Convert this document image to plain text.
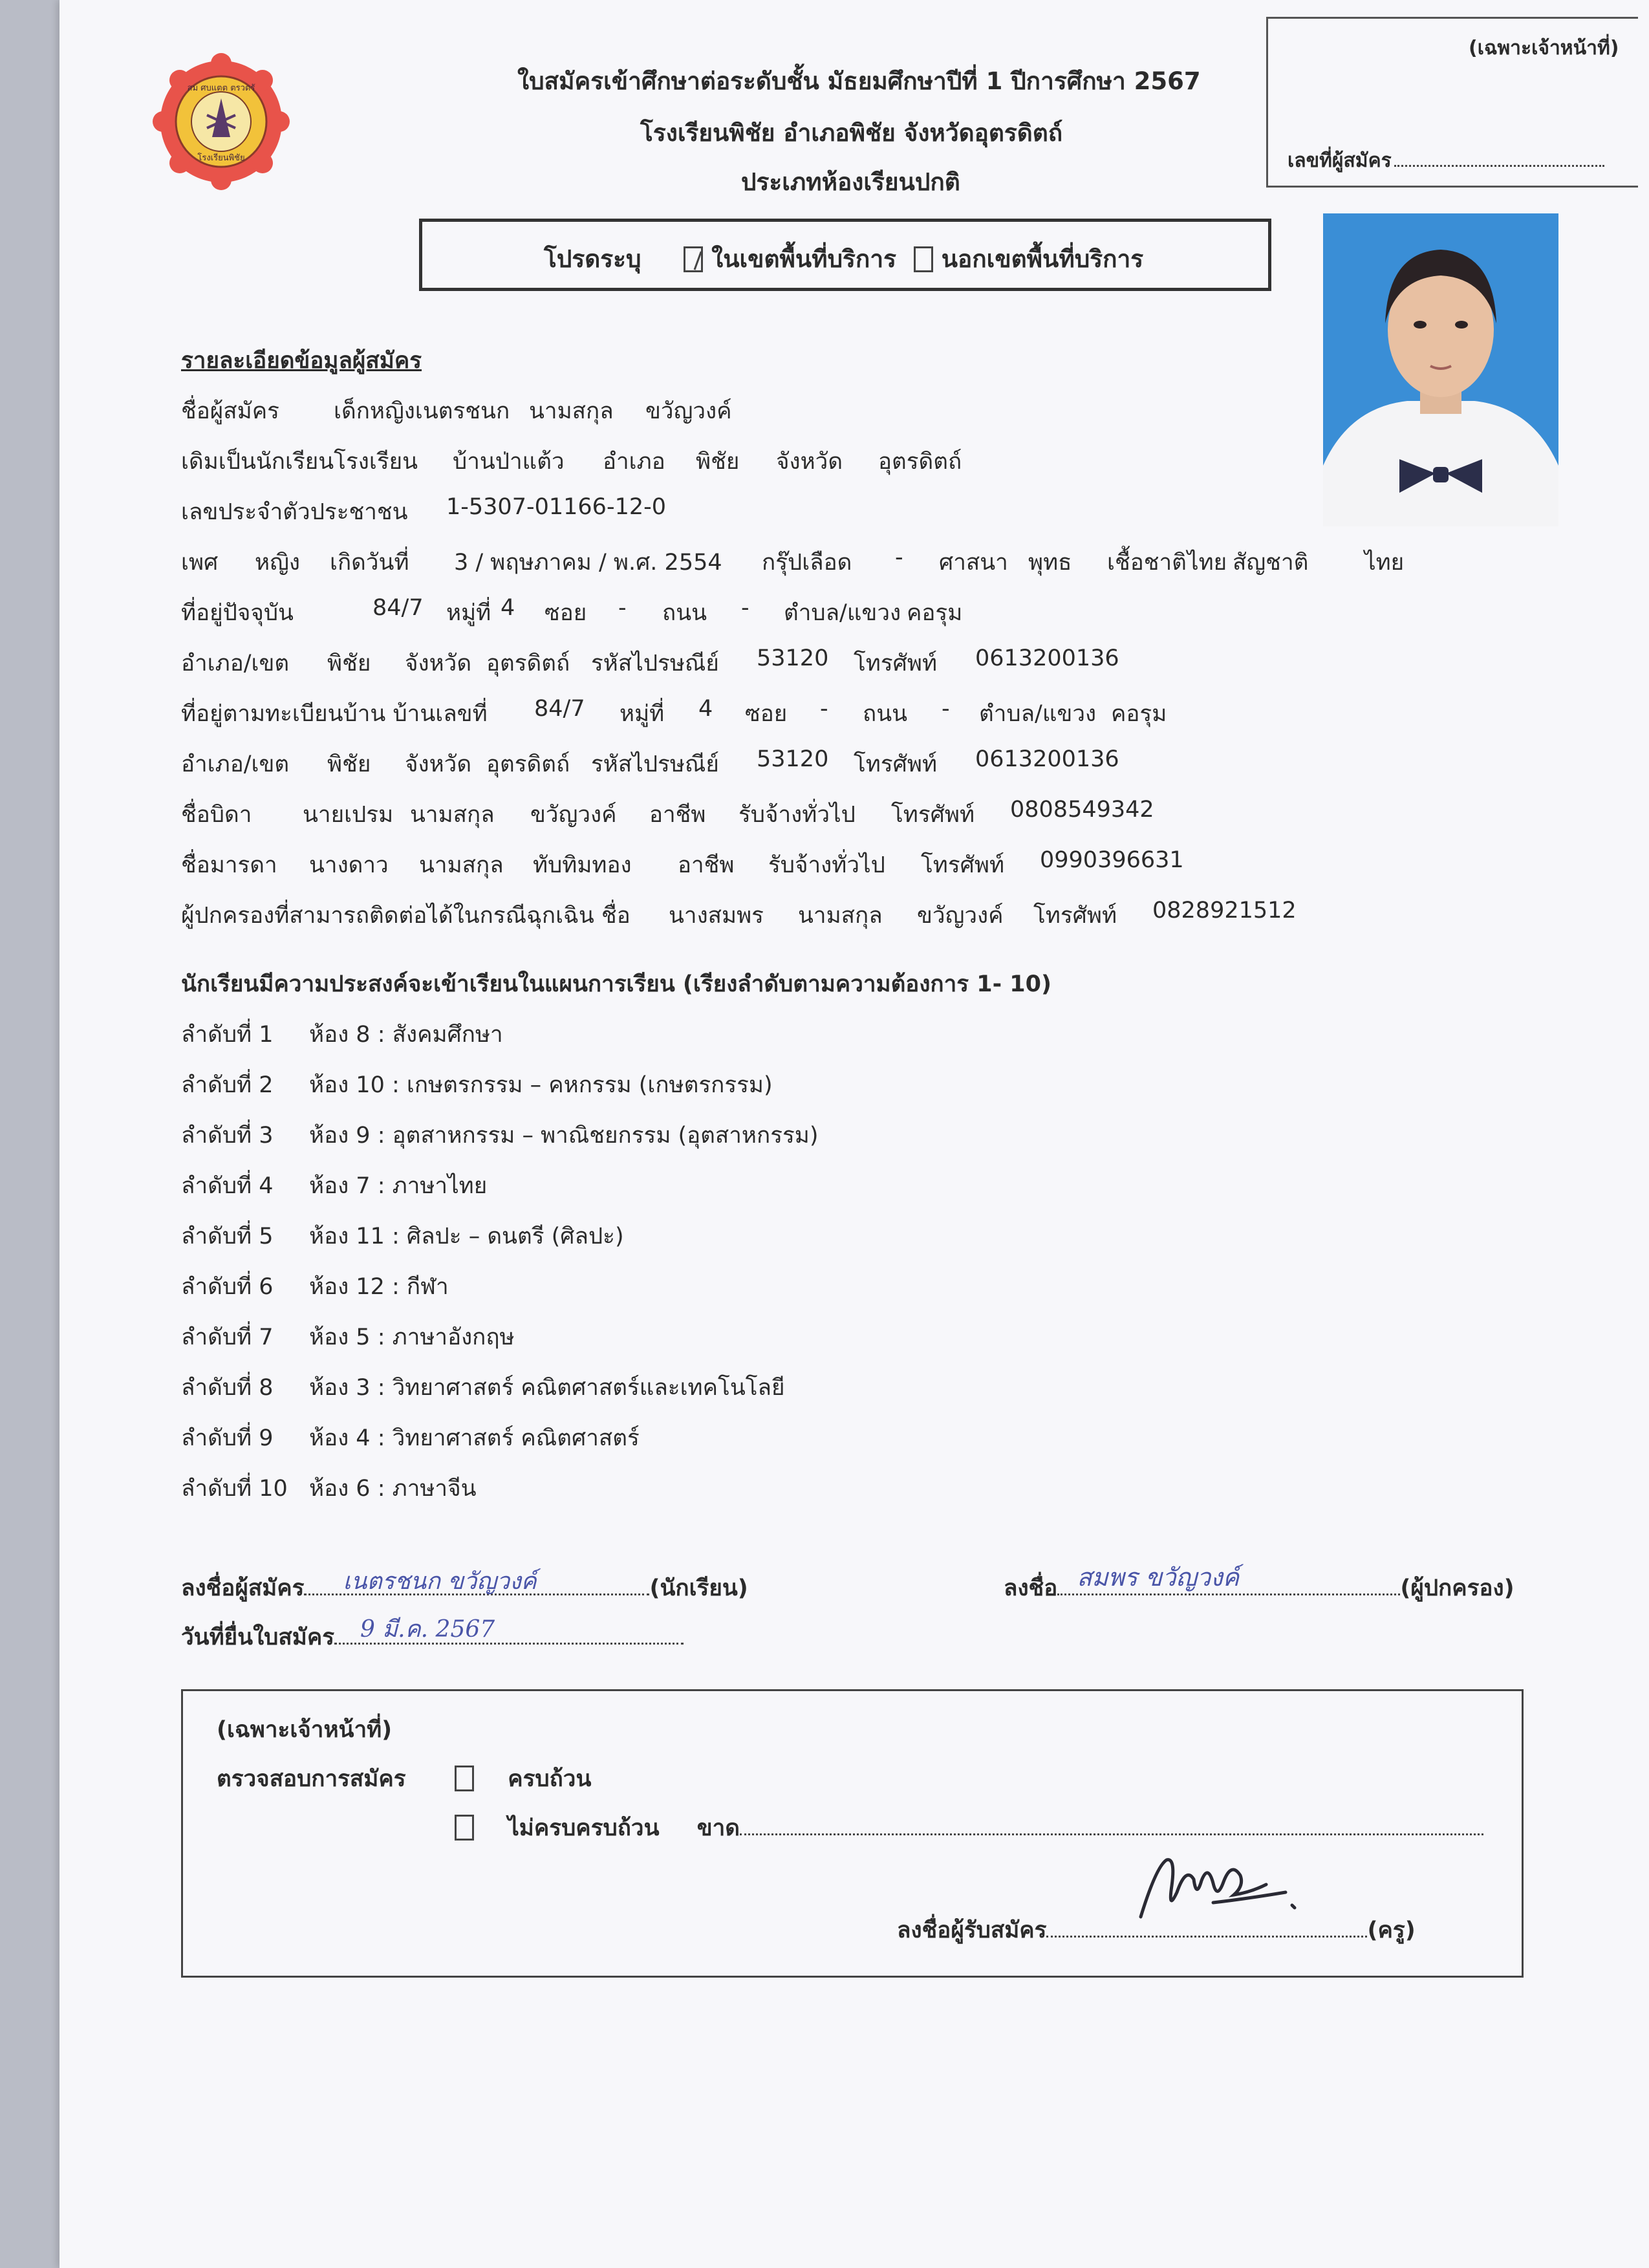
สม ศบแตต ตรวตรั
โรงเรียนพิชัย
ใบสมัครเข้าศึกษาต่อระดับชั้น มัธยมศึกษาปีที่ 1 ปีการศึกษา 2567
โรงเรียนพิชัย อำเภอพิชัย จังหวัดอุตรดิตถ์
ประเภทห้องเรียนปกติ
(เฉพาะเจ้าหน้าที่)
เลขที่ผู้สมัคร
โปรดระบุ	ในเขตพื้นที่บริการ นอกเขตพื้นที่บริการ
รายละเอียดข้อมูลผู้สมัคร
ชื่อผู้สมัคร เด็กหญิงเนตรชนก นามสกุล ขวัญวงค์
เดิมเป็นนักเรียนโรงเรียน บ้านป่าแต้ว อำเภอ พิชัย จังหวัด อุตรดิตถ์
เลขประจำตัวประชาชน 1-5307-01166-12-0
เพศ หญิง เกิดวันที่ 3 / พฤษภาคม / พ.ศ. 2554 กรุ๊ปเลือด - ศาสนา พุทธ เชื้อชาติ ไทย สัญชาติ ไทย
ที่อยู่ปัจจุบัน	84/7 หมู่ที่ 4 ซอย - ถนน - ตำบล/แขวง คอรุม
อำเภอ/เขต พิชัย จังหวัด อุตรดิตถ์ รหัสไปรษณีย์ 53120 โทรศัพท์ 0613200136
ที่อยู่ตามทะเบียนบ้าน บ้านเลขที่ 84/7 หมู่ที่ 4 ซอย - ถนน - ตำบล/แขวง คอรุม
อำเภอ/เขต พิชัย จังหวัด อุตรดิตถ์ รหัสไปรษณีย์ 53120 โทรศัพท์ 0613200136
ชื่อบิดา นายเปรม นามสกุล ขวัญวงค์ อาชีพ รับจ้างทั่วไป โทรศัพท์ 0808549342
ชื่อมารดา นางดาว นามสกุล ทับทิมทอง อาชีพ รับจ้างทั่วไป โทรศัพท์ 0990396631
ผู้ปกครองที่สามารถติดต่อได้ในกรณีฉุกเฉิน ชื่อ นางสมพร นามสกุล ขวัญวงค์ โทรศัพท์ 0828921512
นักเรียนมีความประสงค์จะเข้าเรียนในแผนการเรียน (เรียงลำดับตามความต้องการ 1- 10)
ลำดับที่ 1 ห้อง 8 : สังคมศึกษา
ลำดับที่ 2 ห้อง 10 : เกษตรกรรม – คหกรรม (เกษตรกรรม)
ลำดับที่ 3 ห้อง 9 : อุตสาหกรรม – พาณิชยกรรม (อุตสาหกรรม)
ลำดับที่ 4 ห้อง 7 : ภาษาไทย
ลำดับที่ 5 ห้อง 11 : ศิลปะ – ดนตรี (ศิลปะ)
ลำดับที่ 6 ห้อง 12 : กีฬา
ลำดับที่ 7 ห้อง 5 : ภาษาอังกฤษ
ลำดับที่ 8 ห้อง 3 : วิทยาศาสตร์ คณิตศาสตร์และเทคโนโลยี
ลำดับที่ 9 ห้อง 4 : วิทยาศาสตร์ คณิตศาสตร์
ลำดับที่ 10 ห้อง 6 : ภาษาจีน
ลงชื่อผู้สมัคร เนตรชนก ขวัญวงค์	(นักเรียน)	ลงชื่อ สมพร ขวัญวงค์	(ผู้ปกครอง)
วันที่ยื่นใบสมัคร 9 มี.ค. 2567
(เฉพาะเจ้าหน้าที่)
ตรวจสอบการสมัคร	ครบถ้วน
ไม่ครบครบถ้วน ขาด
ลงชื่อผู้รับสมัคร	(ครู)
